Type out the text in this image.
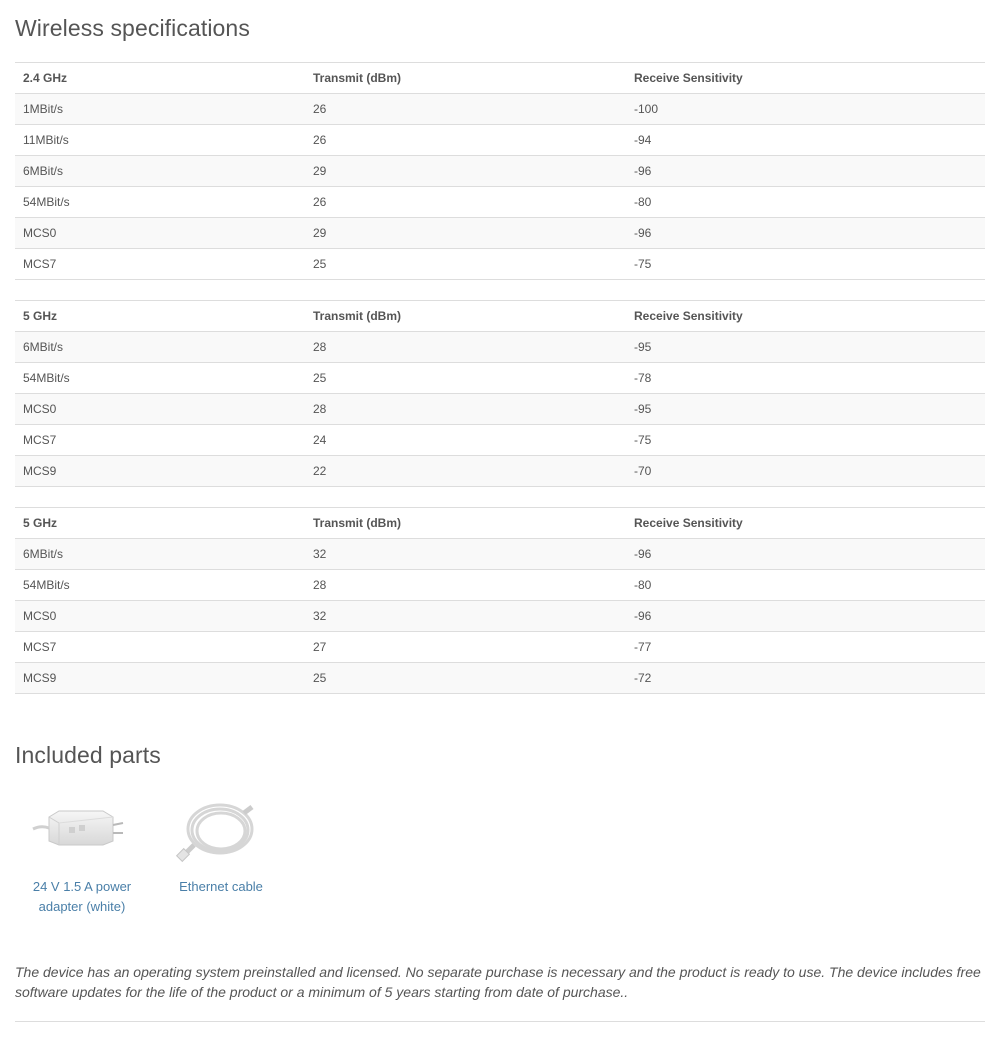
Wireless specifications
2.4 GHz	Transmit (dBm)	Receive Sensitivity
1MBit/s	26	-100
11MBit/s	26	-94
6MBit/s	29	-96
54MBit/s	26	-80
MCS0	29	-96
MCS7	25	-75
5 GHz	Transmit (dBm)	Receive Sensitivity
6MBit/s	28	-95
54MBit/s	25	-78
MCS0	28	-95
MCS7	24	-75
MCS9	22	-70
5 GHz	Transmit (dBm)	Receive Sensitivity
6MBit/s	32	-96
54MBit/s	28	-80
MCS0	32	-96
MCS7	27	-77
MCS9	25	-72
Included parts
24 V 1.5 A power adapter (white)
Ethernet cable
The device has an operating system preinstalled and licensed. No separate purchase is necessary and the product is ready to use. The device includes free software updates for the life of the product or a minimum of 5 years starting from date of purchase..
